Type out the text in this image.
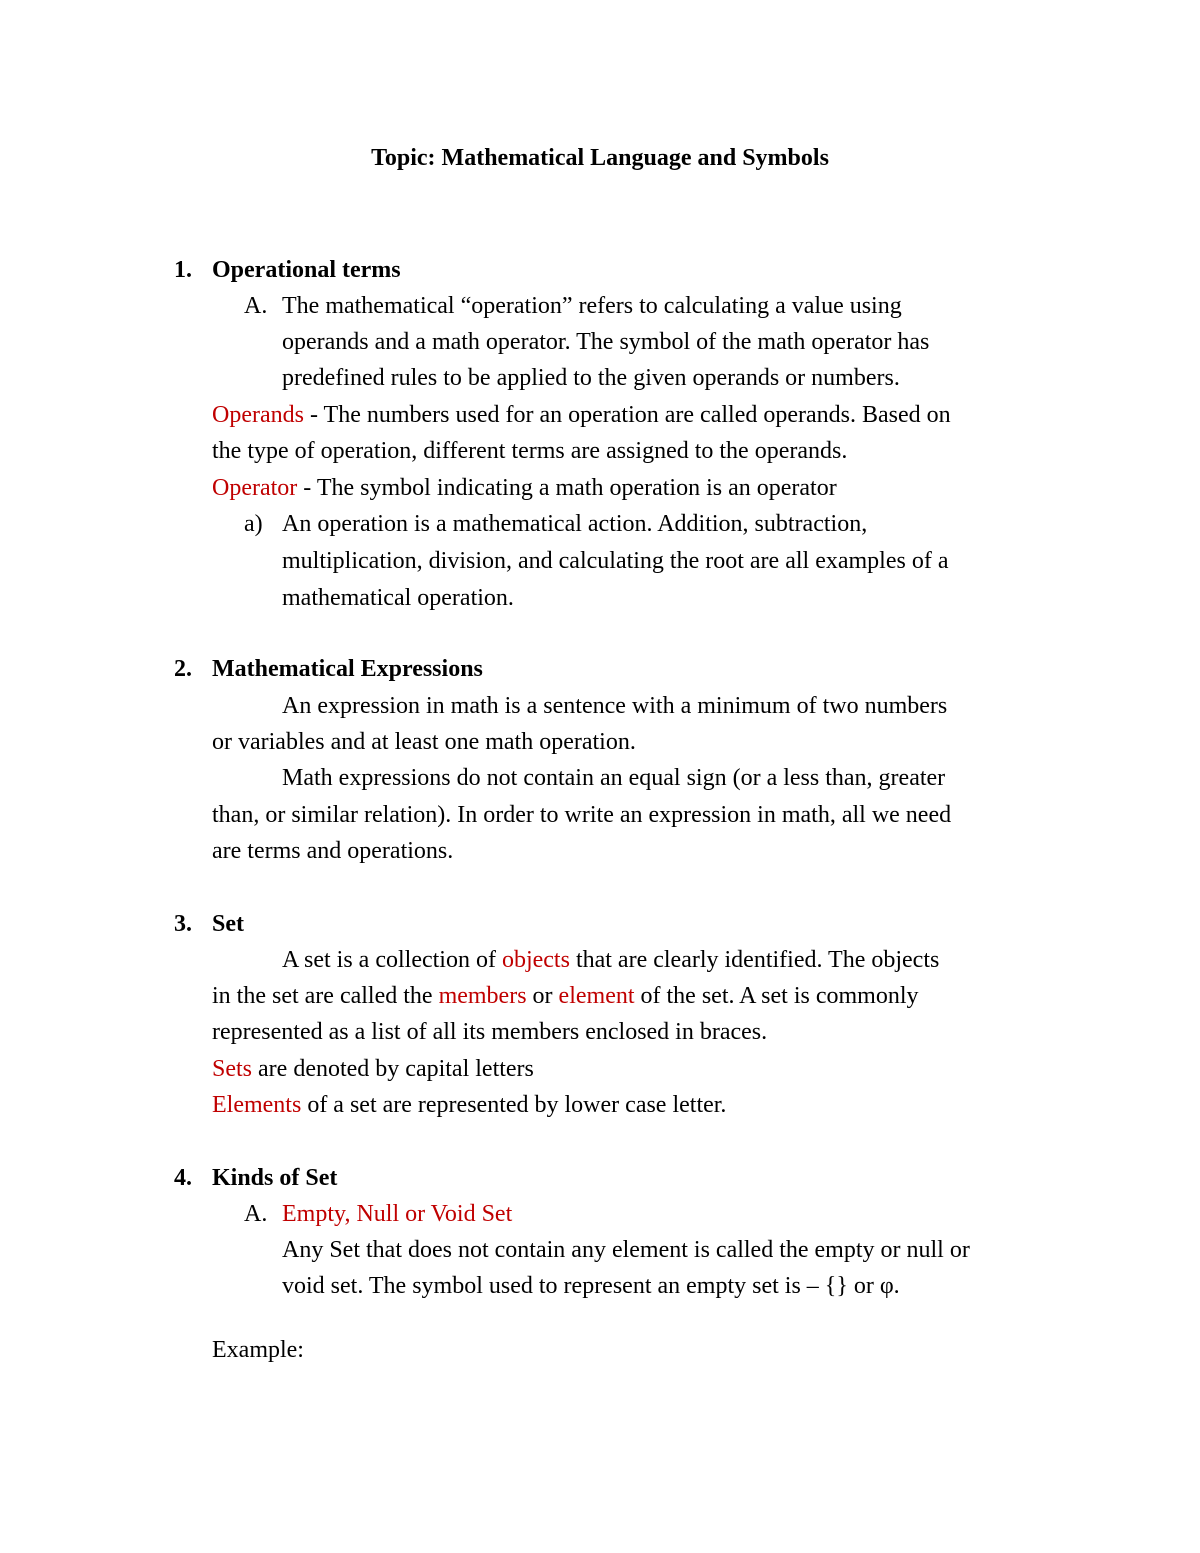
Topic: Mathematical Language and Symbols
1. Operational terms
A. The mathematical “operation” refers to calculating a value using
operands and a math operator. The symbol of the math operator has
predefined rules to be applied to the given operands or numbers.
Operands - The numbers used for an operation are called operands. Based on
the type of operation, different terms are assigned to the operands.
Operator - The symbol indicating a math operation is an operator
a) An operation is a mathematical action. Addition, subtraction,
multiplication, division, and calculating the root are all examples of a
mathematical operation.
2. Mathematical Expressions
An expression in math is a sentence with a minimum of two numbers
or variables and at least one math operation.
Math expressions do not contain an equal sign (or a less than, greater
than, or similar relation). In order to write an expression in math, all we need
are terms and operations.
3. Set
A set is a collection of objects that are clearly identified. The objects
in the set are called the members or element of the set. A set is commonly
represented as a list of all its members enclosed in braces.
Sets are denoted by capital letters
Elements of a set are represented by lower case letter.
4. Kinds of Set
A. Empty, Null or Void Set
Any Set that does not contain any element is called the empty or null or
void set. The symbol used to represent an empty set is – {} or φ.
Example:
